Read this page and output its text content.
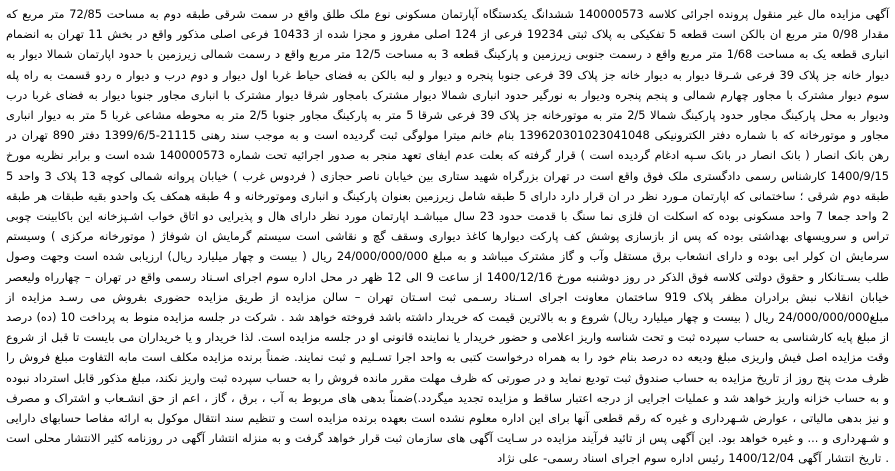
آگهی مزایده مال غیر منقول پرونده اجرائی کلاسه 140000573 ششدانگ یکدستگاه آپارتمان مسکونی نوع ملک طلق واقع در سمت شرقی طبقه دوم به مساحت 72/85 متر مربع که مقدار 0/98 متر مربع ان بالکن است قطعه 5 تفکیکی به پلاک ثبتی 19234 فرعی از 124 اصلی مفروز و مجزا شده از 10433 فرعی اصلی مذکور واقع در بخش 11 تهران به انضمام انباری قطعه یک به مساحت 1/68 متر مربع واقع د رسمت جنوبی زیرزمین و پارکینگ قطعه 3 به مساحت 12/5 متر مربع واقع د رسمت شمالی زیرزمین با حدود اپارتمان شمالا دیوار به دیوار خانه جز پلاک 39 فرعی شـرقا دیوار به دیوار خانه جز پلاک 39 فرعی جنوبا پنجره و دیوار و لبه بالکن به فضای حیاط غربا اول دیوار و دوم درب و دیوار ه ردو قسمت به راه پله سوم دیوار مشترک با مجاور چهارم شمالی و پنجم پنجره ودیوار به نورگیر حدود انباری شمالا دیوار مشترک بامجاور شرقا دیوار مشترک با انباری مجاور جنوبا دیوار به فضای غربا درب ودیوار به محل پارکینگ مجاور حدود پارکینگ شمالا 2/5 متر به موتورخانه جز پلاک 39 فرعی شرقا 5 متر به پارکینگ مجاور جنوبا 2/5 متر به محوطه مشاعی غربا 5 متر به دیوار انباری مجاور و موتورخانه که با شماره دفتر الکترونیکی 139620301023041048 بنام خانم میترا مولوگی ثبت گردیده است و به موجب سند رهنی 21115-1399/6/5 دفتر 890 تهران در رهن بانک انصار ( بانک انصار در بانک سـپه ادغام گردیده است ) قرار گرفته که بعلت عدم ایفای تعهد منجر به صدور اجرائیه تحت شماره 140000573 شده است و برابر نظریه مورخ 1400/9/15 کارشناس رسمی دادگستری ملک فوق واقع است در تهران بزرگراه شهید ستاری بین خیابان ناصر حجازی ( فردوس غرب ) خیابان پروانه شمالی کوچه 13 پلاک 3 واحد 5 طبقه دوم شرقی ؛ ساختمانی که اپارتمان مـورد نظر در ان قرار دارد دارای 5 طبقه شامل زیرزمین بعنوان پارکینگ و انباری وموتورخانه و 4 طبقه همکف یک واحدو بقیه طبقات هر طبقه 2 واحد جمعا 7 واحد مسکونی بوده که اسکلت ان فلزی نما سنگ با قدمت حدود 23 سال میباشـد اپارتمان مورد نظر دارای هال و پذیرایی دو اتاق خواب اشـپزخانه این باکابینت چوبی تراس و سرویسهای بهداشتی بوده که پس از بازسازی پوشش کف پارکت دیوارها کاغذ دیواری وسقف گچ و نقاشی است سیستم گرمایش ان شوفاژ ( موتورخانه مرکزی ) وسیستم سرمایش ان کولر ابی بوده و دارای انشعاب برق مستقل وآب و گاز مشترک میباشد و به مبلغ 24/000/000/000 ریال ( بیست و چهار میلیارد ریال) ارزیابی شده است وجهت وصول طلب بسـتانکار و حقوق دولتی کلاسه فوق الذکر در روز دوشنبه مورخ 1400/12/16 از ساعت 9 الی 12 ظهر در محل اداره سوم اجرای اسـناد رسمی واقع در تهران – چهارراه ولیعصر خیابان انقلاب نبش برادران مظفر پلاک 919 ساختمان معاونت اجرای اسـناد رسـمی ثبت اسـتان تهران – سالن مزایده از طریق مزایده حضوری بفروش می رسـد مزایده از مبلغ24/000/000/000 ریال ( بیست و چهار میلیارد ریال) شروع و به بالاترین قیمت که خریدار داشته باشد فروخته خواهد شد . شرکت در جلسه مزایده منوط به پرداخت 10 (ده) درصد از مبلغ پایه کارشناسی به حساب سپرده ثبت و تحت شناسه واریز اعلامی و حضور خریدار یا نماینده قانونی او در جلسه مزایده است. لذا خریدار و یا خریداران می بایست تا قبل از شروع وقت مزایده اصل فیش واریزی مبلغ ودیعه ده درصد بنام خود را به همراه درخواست کتبی به واحد اجرا تسـلیم و ثبت نمایند. ضمناً برنده مزایده مکلف است مابه التفاوت مبلغ فروش را ظرف مدت پنج روز از تاریخ مزایده به حساب صندوق ثبت تودیع نماید و در صورتی که ظرف مهلت مقرر مانده فروش را به حساب سپرده ثبت واریز نکند، مبلغ مذکور قابل استرداد نبوده و به حساب خزانه واریز خواهد شد و عملیات اجرایی از درجه اعتبار ساقط و مزایده تجدید میگردد.)ضمناً بدهی های مربوط به آب ، برق ، گاز ، اعم از حق انشـعاب و اشتراک و مصرف و نیز بدهی مالیاتی ، عوارض شـهرداری و غیره که رقم قطعی آنها برای این اداره معلوم نشده است بعهده برنده مزایده است و تنظیم سند انتقال موکول به ارائه مفاصا حسابهای دارایی و شـهرداری و ... و غیره خواهد بود. این آگهی پس از تائید فرآیند مزایده در سـایت آگهی های سازمان ثبت قرار خواهد گرفت و به منزله انتشار آگهی در روزنامه کثیر الانتشار محلی است . تاریخ انتشار آگهی 1400/12/04 رئیس اداره سوم اجرای اسناد رسمی- علی نژاد
